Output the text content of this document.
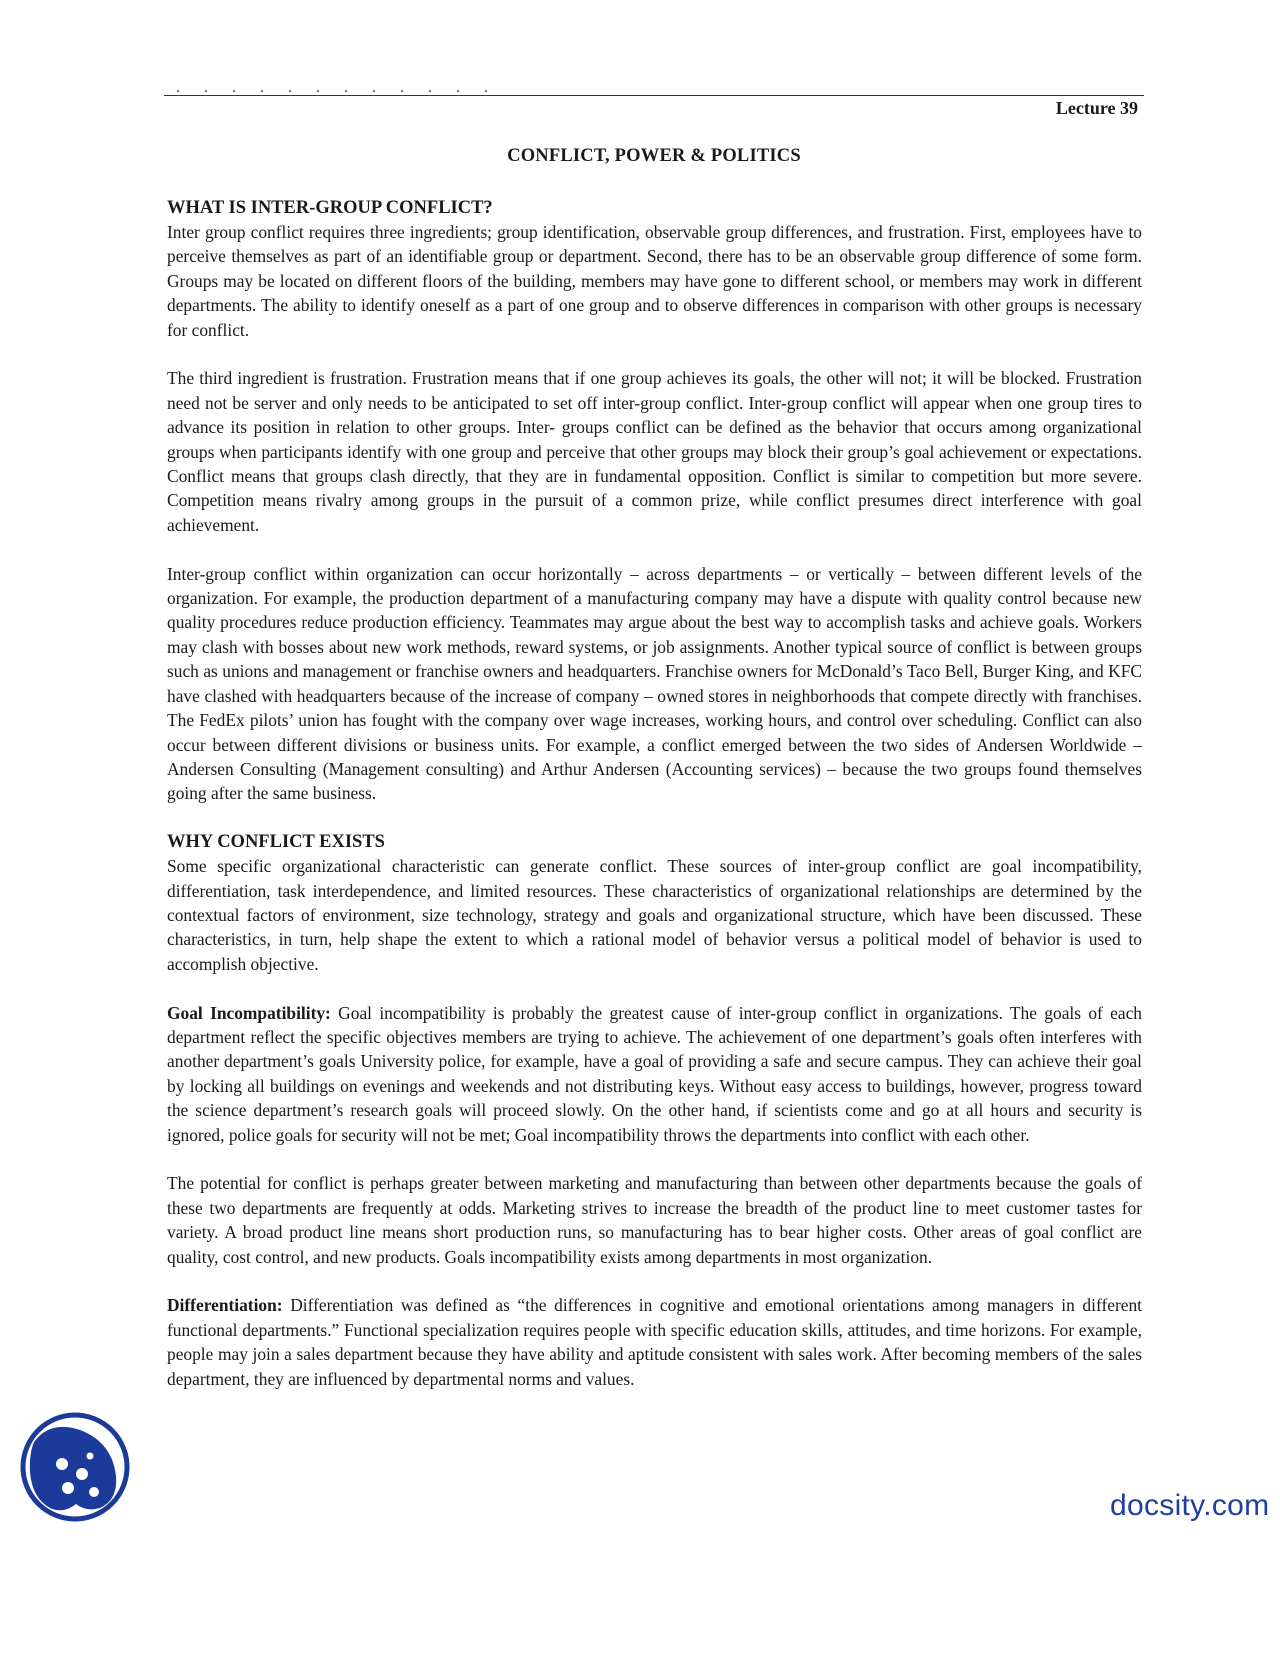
Lecture 39
CONFLICT, POWER & POLITICS

WHAT IS INTER-GROUP CONFLICT?

Inter group conflict requires three ingredients; group identification, observable group differences, and frustration. First, employees have to perceive themselves as part of an identifiable group or department. Second, there has to be an observable group difference of some form. Groups may be located on different floors of the building, members may have gone to different school, or members may work in different departments. The ability to identify oneself as a part of one group and to observe differences in comparison with other groups is necessary for conflict.

The third ingredient is frustration. Frustration means that if one group achieves its goals, the other will not; it will be blocked. Frustration need not be server and only needs to be anticipated to set off inter-group conflict. Inter-group conflict will appear when one group tires to advance its position in relation to other groups. Inter- groups conflict can be defined as the behavior that occurs among organizational groups when participants identify with one group and perceive that other groups may block their group’s goal achievement or expectations. Conflict means that groups clash directly, that they are in fundamental opposition. Conflict is similar to competition but more severe. Competition means rivalry among groups in the pursuit of a common prize, while conflict presumes direct interference with goal achievement.

Inter-group conflict within organization can occur horizontally – across departments – or vertically – between different levels of the organization. For example, the production department of a manufacturing company may have a dispute with quality control because new quality procedures reduce production efficiency. Teammates may argue about the best way to accomplish tasks and achieve goals. Workers may clash with bosses about new work methods, reward systems, or job assignments. Another typical source of conflict is between groups such as unions and management or franchise owners and headquarters. Franchise owners for McDonald’s Taco Bell, Burger King, and KFC have clashed with headquarters because of the increase of company – owned stores in neighborhoods that compete directly with franchises. The FedEx pilots’ union has fought with the company over wage increases, working hours, and control over scheduling. Conflict can also occur between different divisions or business units. For example, a conflict emerged between the two sides of Andersen Worldwide – Andersen Consulting (Management consulting) and Arthur Andersen (Accounting services) – because the two groups found themselves going after the same business.

WHY CONFLICT EXISTS

Some specific organizational characteristic can generate conflict. These sources of inter-group conflict are goal incompatibility, differentiation, task interdependence, and limited resources. These characteristics of organizational relationships are determined by the contextual factors of environment, size technology, strategy and goals and organizational structure, which have been discussed. These characteristics, in turn, help shape the extent to which a rational model of behavior versus a political model of behavior is used to accomplish objective.

Goal Incompatibility: Goal incompatibility is probably the greatest cause of inter-group conflict in organizations. The goals of each department reflect the specific objectives members are trying to achieve. The achievement of one department’s goals often interferes with another department’s goals University police, for example, have a goal of providing a safe and secure campus. They can achieve their goal by locking all buildings on evenings and weekends and not distributing keys. Without easy access to buildings, however, progress toward the science department’s research goals will proceed slowly. On the other hand, if scientists come and go at all hours and security is ignored, police goals for security will not be met; Goal incompatibility throws the departments into conflict with each other.

The potential for conflict is perhaps greater between marketing and manufacturing than between other departments because the goals of these two departments are frequently at odds. Marketing strives to increase the breadth of the product line to meet customer tastes for variety. A broad product line means short production runs, so manufacturing has to bear higher costs. Other areas of goal conflict are quality, cost control, and new products. Goals incompatibility exists among departments in most organization.

Differentiation: Differentiation was defined as “the differences in cognitive and emotional orientations among managers in different functional departments.” Functional specialization requires people with specific education skills, attitudes, and time horizons. For example, people may join a sales department because they have ability and aptitude consistent with sales work. After becoming members of the sales department, they are influenced by departmental norms and values.

docsity.com
